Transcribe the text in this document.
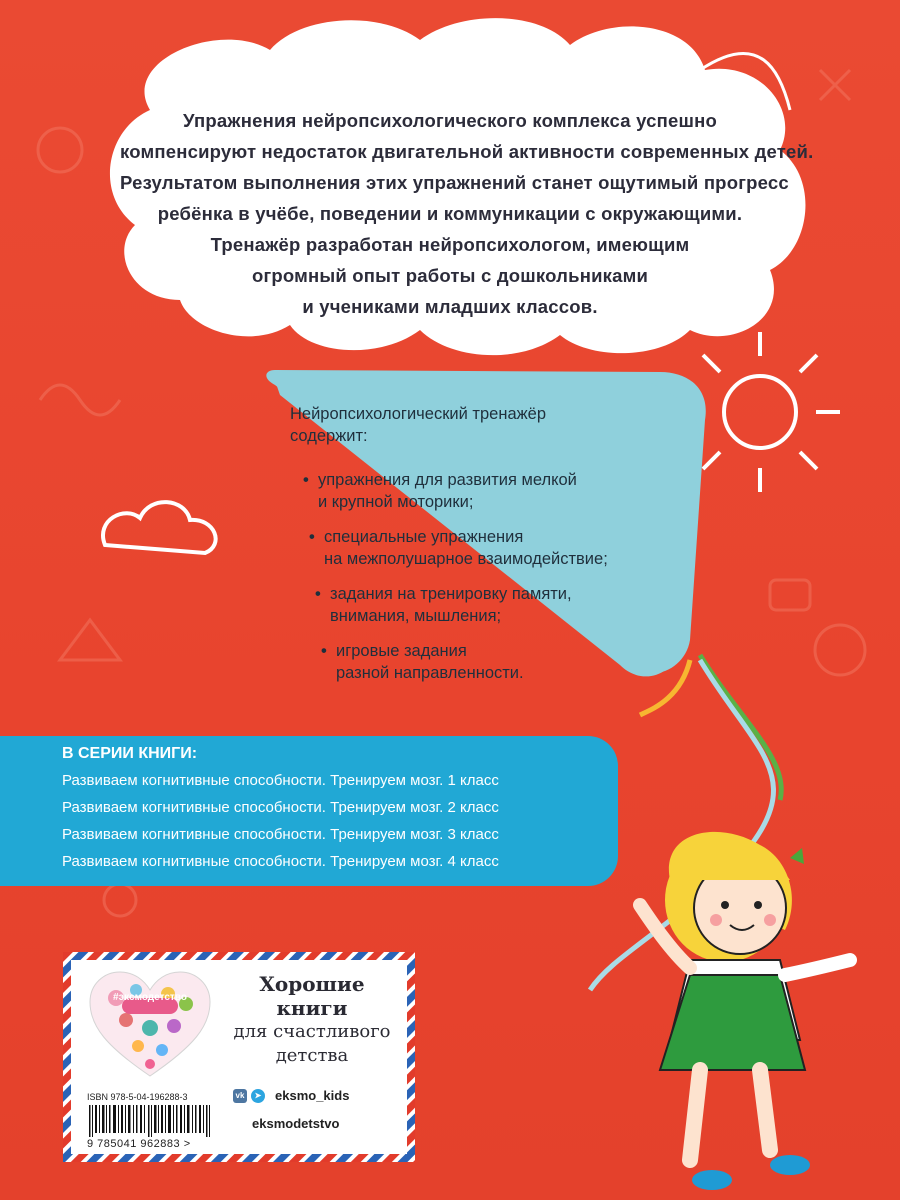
Упражнения нейропсихологического комплекса успешно
компенсируют недостаток двигательной активности современных детей.
Результатом выполнения этих упражнений станет ощутимый прогресс
ребёнка в учёбе, поведении и коммуникации с окружающими.
Тренажёр разработан нейропсихологом, имеющим
огромный опыт работы с дошкольниками
и учениками младших классов.
Нейропсихологический тренажёр
содержит:
• упражнения для развития мелкой
и крупной моторики;
• специальные упражнения
на межполушарное взаимодействие;
• задания на тренировку памяти,
внимания, мышления;
• игровые задания
разной направленности.
В СЕРИИ КНИГИ:
Развиваем когнитивные способности. Тренируем мозг. 1 класс
Развиваем когнитивные способности. Тренируем мозг. 2 класс
Развиваем когнитивные способности. Тренируем мозг. 3 класс
Развиваем когнитивные способности. Тренируем мозг. 4 класс
#эксмодетство
Хорошие
книги
для счастливого
детства
ISBN 978-5-04-196288-3
9 785041 962883 >
vk	➤ eksmo_kids
eksmodetstvo
